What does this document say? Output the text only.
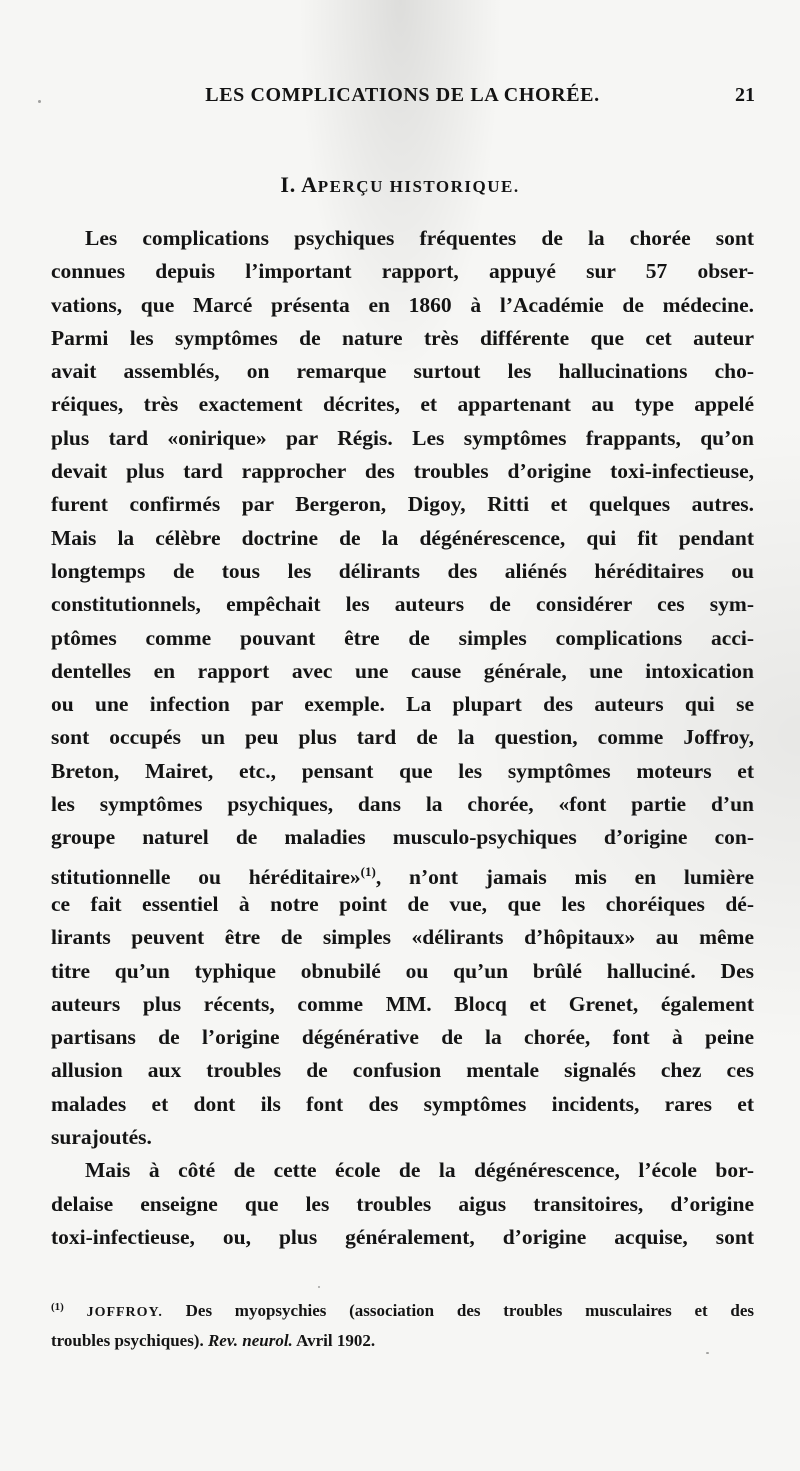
LES COMPLICATIONS DE LA CHORÉE.	21
I. APERÇU HISTORIQUE.
Les complications psychiques fréquentes de la chorée sont
connues depuis l’important rapport, appuyé sur 57 obser-
vations, que Marcé présenta en 1860 à l’Académie de médecine.
Parmi les symptômes de nature très différente que cet auteur
avait assemblés, on remarque surtout les hallucinations cho-
réiques, très exactement décrites, et appartenant au type appelé
plus tard «onirique» par Régis. Les symptômes frappants, qu’on
devait plus tard rapprocher des troubles d’origine toxi-infectieuse,
furent confirmés par Bergeron, Digoy, Ritti et quelques autres.
Mais la célèbre doctrine de la dégénérescence, qui fit pendant
longtemps de tous les délirants des aliénés héréditaires ou
constitutionnels, empêchait les auteurs de considérer ces sym-
ptômes comme pouvant être de simples complications acci-
dentelles en rapport avec une cause générale, une intoxication
ou une infection par exemple. La plupart des auteurs qui se
sont occupés un peu plus tard de la question, comme Joffroy,
Breton, Mairet, etc., pensant que les symptômes moteurs et
les symptômes psychiques, dans la chorée, «font partie d’un
groupe naturel de maladies musculo-psychiques d’origine con-
stitutionnelle ou héréditaire»$^{(1)}$, n’ont jamais mis en lumière
ce fait essentiel à notre point de vue, que les choréiques dé-
lirants peuvent être de simples «délirants d’hôpitaux» au même
titre qu’un typhique obnubilé ou qu’un brûlé halluciné. Des
auteurs plus récents, comme MM. Blocq et Grenet, également
partisans de l’origine dégénérative de la chorée, font à peine
allusion aux troubles de confusion mentale signalés chez ces
malades et dont ils font des symptômes incidents, rares et
surajoutés.
Mais à côté de cette école de la dégénérescence, l’école bor-
delaise enseigne que les troubles aigus transitoires, d’origine
toxi-infectieuse, ou, plus généralement, d’origine acquise, sont
$^{(1)}$ JOFFROY. Des myopsychies (association des troubles musculaires et des
troubles psychiques). Rev. neurol. Avril 1902.
